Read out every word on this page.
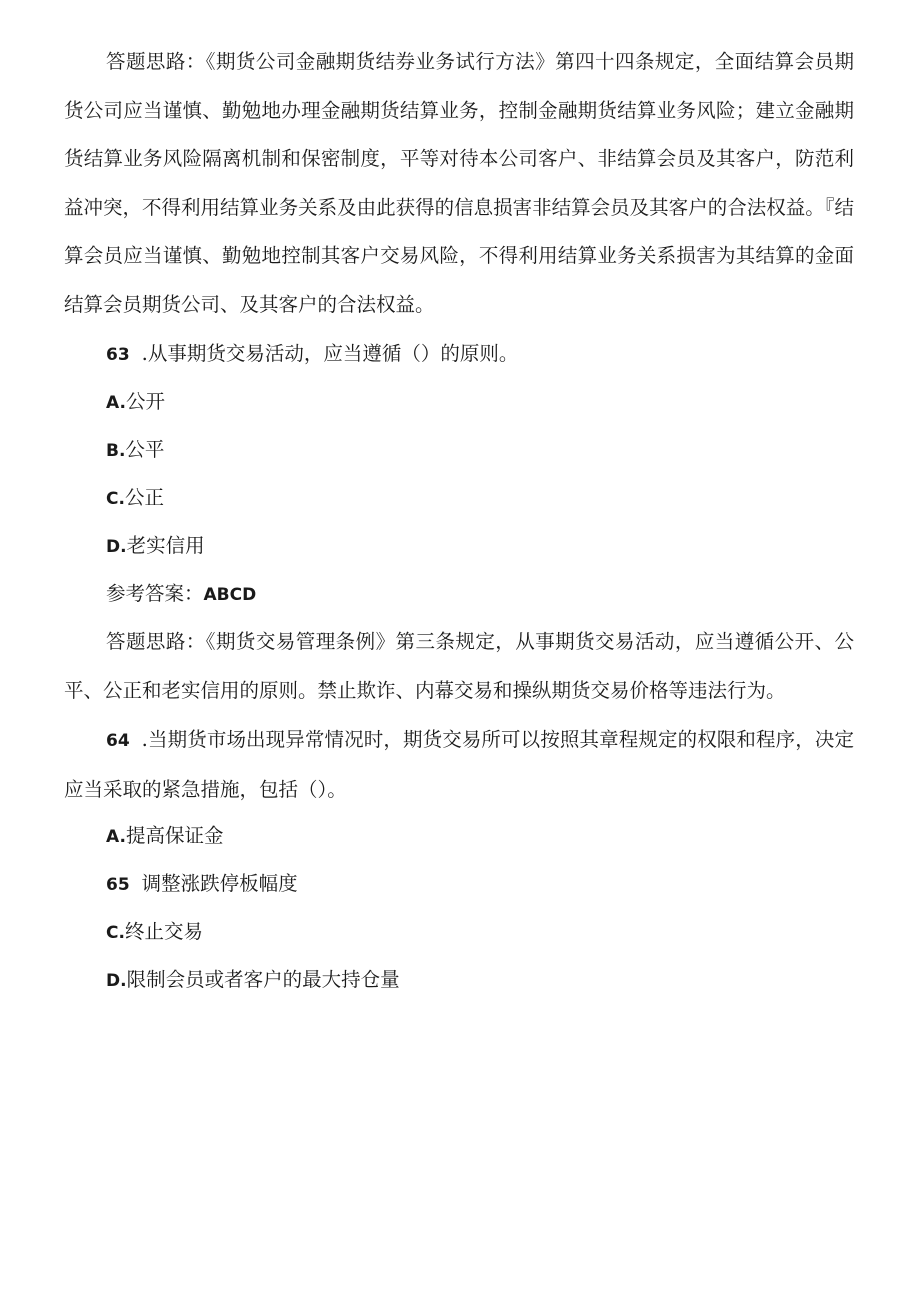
答题思路：《期货公司金融期货结券业务试行方法》第四十四条规定，全面结算会员期货公司应当谨慎、勤勉地办理金融期货结算业务，控制金融期货结算业务风险；建立金融期货结算业务风险隔离机制和保密制度，平等对待本公司客户、非结算会员及其客户，防范利益冲突，不得利用结算业务关系及由此获得的信息损害非结算会员及其客户的合法权益。『结算会员应当谨慎、勤勉地控制其客户交易风险，不得利用结算业务关系损害为其结算的金面结算会员期货公司、及其客户的合法权益。

63 .从事期货交易活动，应当遵循（）的原则。

A.公开

B.公平

C.公正

D.老实信用

参考答案：ABCD

答题思路：《期货交易管理条例》第三条规定，从事期货交易活动，应当遵循公开、公平、公正和老实信用的原则。禁止欺诈、内幕交易和操纵期货交易价格等违法行为。

64 .当期货市场出现异常情况时，期货交易所可以按照其章程规定的权限和程序，决定应当采取的紧急措施，包括（）。

A.提高保证金

65 调整涨跌停板幅度

C.终止交易

D.限制会员或者客户的最大持仓量
